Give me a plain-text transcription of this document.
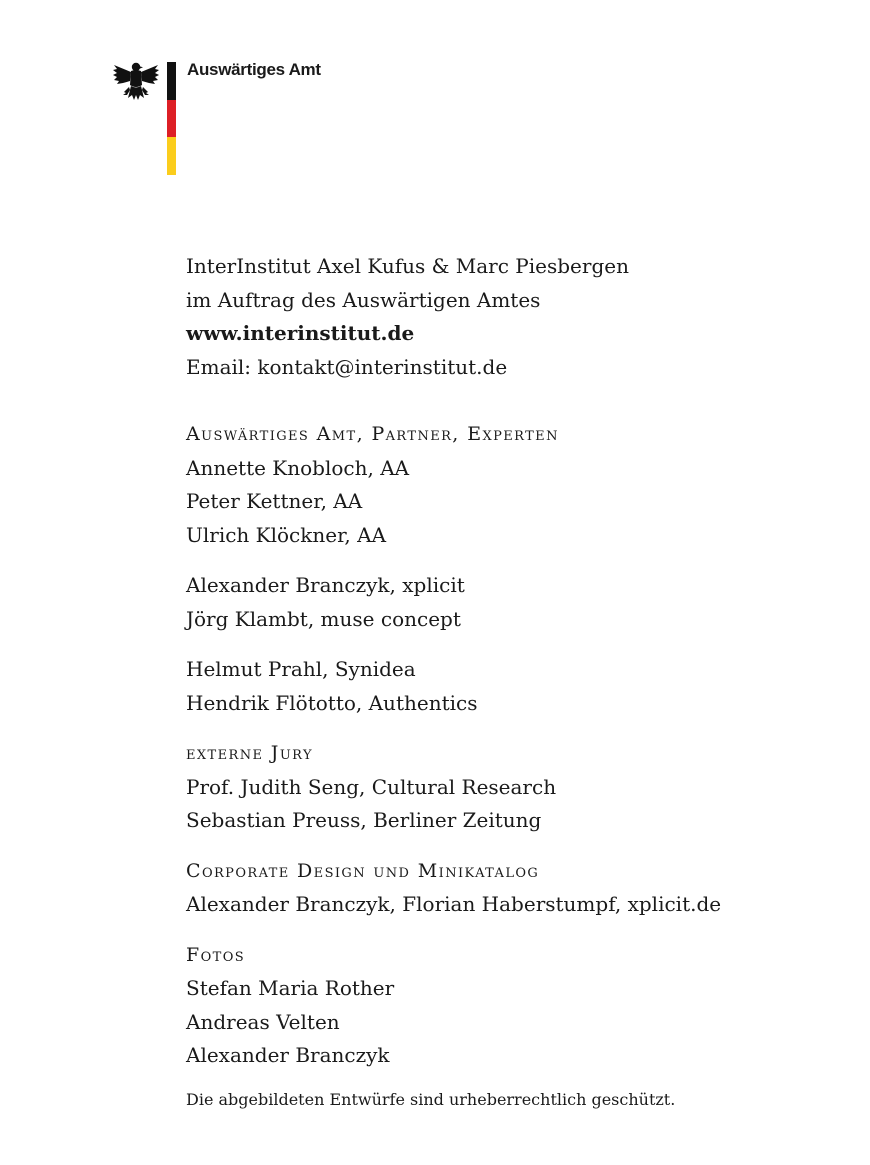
Auswärtiges Amt
InterInstitut Axel Kufus & Marc Piesbergen
im Auftrag des Auswärtigen Amtes
www.interinstitut.de
Email: kontakt@interinstitut.de
Auswärtiges Amt, Partner, Experten
Annette Knobloch, AA
Peter Kettner, AA
Ulrich Klöckner, AA
Alexander Branczyk, xplicit
Jörg Klambt, muse concept
Helmut Prahl, Synidea
Hendrik Flötotto, Authentics
externe Jury
Prof. Judith Seng, Cultural Research
Sebastian Preuss, Berliner Zeitung
Corporate Design und Minikatalog
Alexander Branczyk, Florian Haberstumpf, xplicit.de
Fotos
Stefan Maria Rother
Andreas Velten
Alexander Branczyk
Die abgebildeten Entwürfe sind urheberrechtlich geschützt.
